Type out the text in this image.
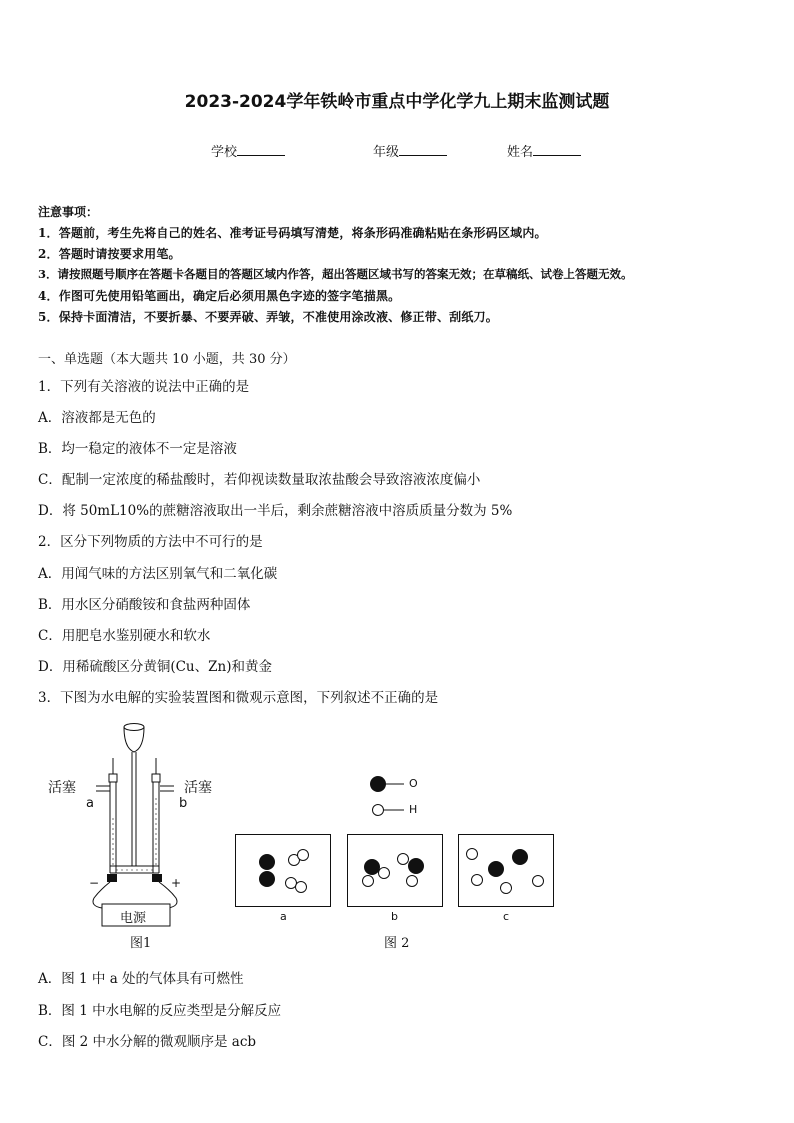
2023-2024学年铁岭市重点中学化学九上期末监测试题
学校	年级	姓名
注意事项：
1．答题前，考生先将自己的姓名、准考证号码填写清楚，将条形码准确粘贴在条形码区域内。
2．答题时请按要求用笔。
3．请按照题号顺序在答题卡各题目的答题区域内作答，超出答题区域书写的答案无效；在草稿纸、试卷上答题无效。
4．作图可先使用铅笔画出，确定后必须用黑色字迹的签字笔描黑。
5．保持卡面清洁，不要折暴、不要弄破、弄皱，不准使用涂改液、修正带、刮纸刀。
一、单选题（本大题共 10 小题，共 30 分）
1．下列有关溶液的说法中正确的是
A．溶液都是无色的
B．均一稳定的液体不一定是溶液
C．配制一定浓度的稀盐酸时，若仰视读数量取浓盐酸会导致溶液浓度偏小
D．将 50mL10%的蔗糖溶液取出一半后，剩余蔗糖溶液中溶质质量分数为 5%
2．区分下列物质的方法中不可行的是
A．用闻气味的方法区别氧气和二氧化碳
B．用水区分硝酸铵和食盐两种固体
C．用肥皂水鉴别硬水和软水
D．用稀硫酸区分黄铜(Cu、Zn)和黄金
3．下图为水电解的实验装置图和微观示意图，下列叙述不正确的是
活塞	活塞
a	b
−	+
电源
图1
O
H
a	b	c
图 2
A．图 1 中 a 处的气体具有可燃性
B．图 1 中水电解的反应类型是分解反应
C．图 2 中水分解的微观顺序是 acb
